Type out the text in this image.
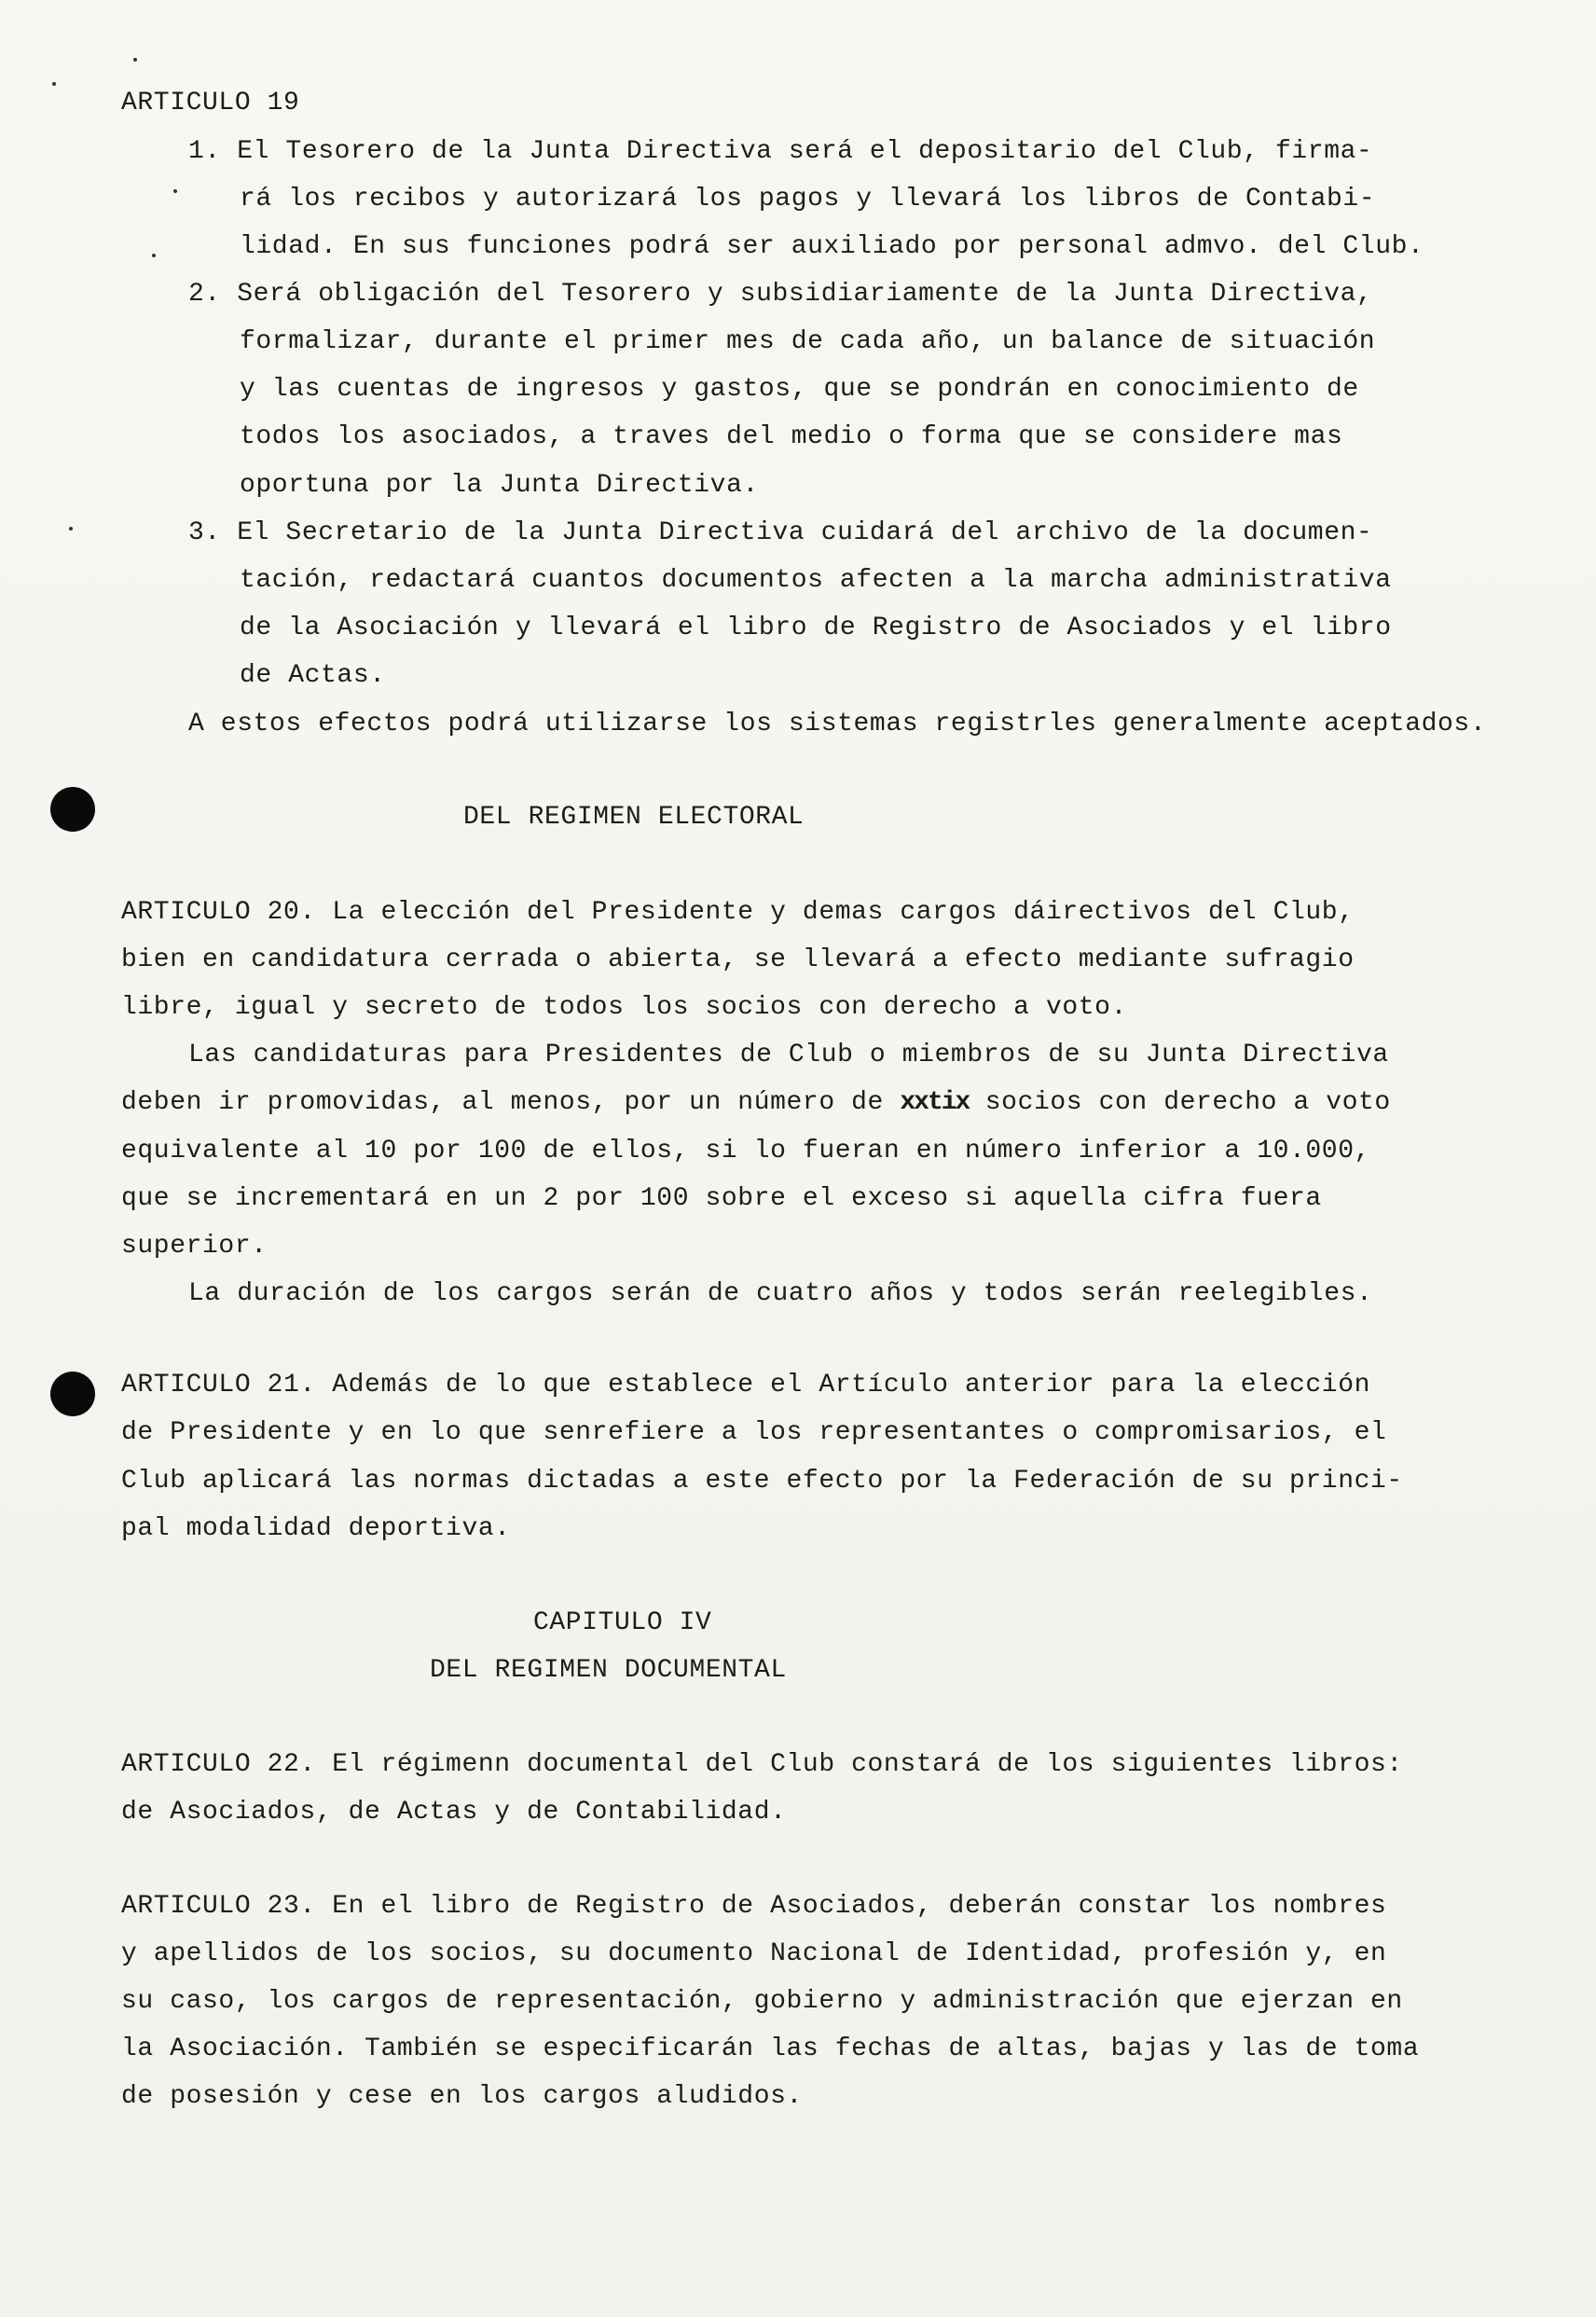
ARTICULO 19
1. El Tesorero de la Junta Directiva será el depositario del Club, firma-
rá los recibos y autorizará los pagos y llevará los libros de Contabi-
lidad. En sus funciones podrá ser auxiliado por personal admvo. del Club.
2. Será obligación del Tesorero y subsidiariamente de la Junta Directiva,
formalizar, durante el primer mes de cada año, un balance de situación
y las cuentas de ingresos y gastos, que se pondrán en conocimiento de
todos los asociados, a traves del medio o forma que se considere mas
oportuna por la Junta Directiva.
3. El Secretario de la Junta Directiva cuidará del archivo de la documen-
tación, redactará cuantos documentos afecten a la marcha administrativa
de la Asociación y llevará el libro de Registro de Asociados y el libro
de Actas.
A estos efectos podrá utilizarse los sistemas registrles generalmente aceptados.
DEL REGIMEN ELECTORAL
ARTICULO 20. La elección del Presidente y demas cargos dáirectivos del Club,
bien en candidatura cerrada o abierta, se llevará a efecto mediante sufragio
libre, igual y secreto de todos los socios con derecho a voto.
Las candidaturas para Presidentes de Club o miembros de su Junta Directiva
deben ir promovidas, al menos, por un número de xxtix socios con derecho a voto
equivalente al 10 por 100 de ellos, si lo fueran en número inferior a 10.000,
que se incrementará en un 2 por 100 sobre el exceso si aquella cifra fuera
superior.
La duración de los cargos serán de cuatro años y todos serán reelegibles.
ARTICULO 21. Además de lo que establece el Artículo anterior para la elección
de Presidente y en lo que senrefiere a los representantes o compromisarios, el
Club aplicará las normas dictadas a este efecto por la Federación de su princi-
pal modalidad deportiva.
CAPITULO IV
DEL REGIMEN DOCUMENTAL
ARTICULO 22. El régimenn documental del Club constará de los siguientes libros:
de Asociados, de Actas y de Contabilidad.
ARTICULO 23. En el libro de Registro de Asociados, deberán constar los nombres
y apellidos de los socios, su documento Nacional de Identidad, profesión y, en
su caso, los cargos de representación, gobierno y administración que ejerzan en
la Asociación. También se especificarán las fechas de altas, bajas y las de toma
de posesión y cese en los cargos aludidos.
